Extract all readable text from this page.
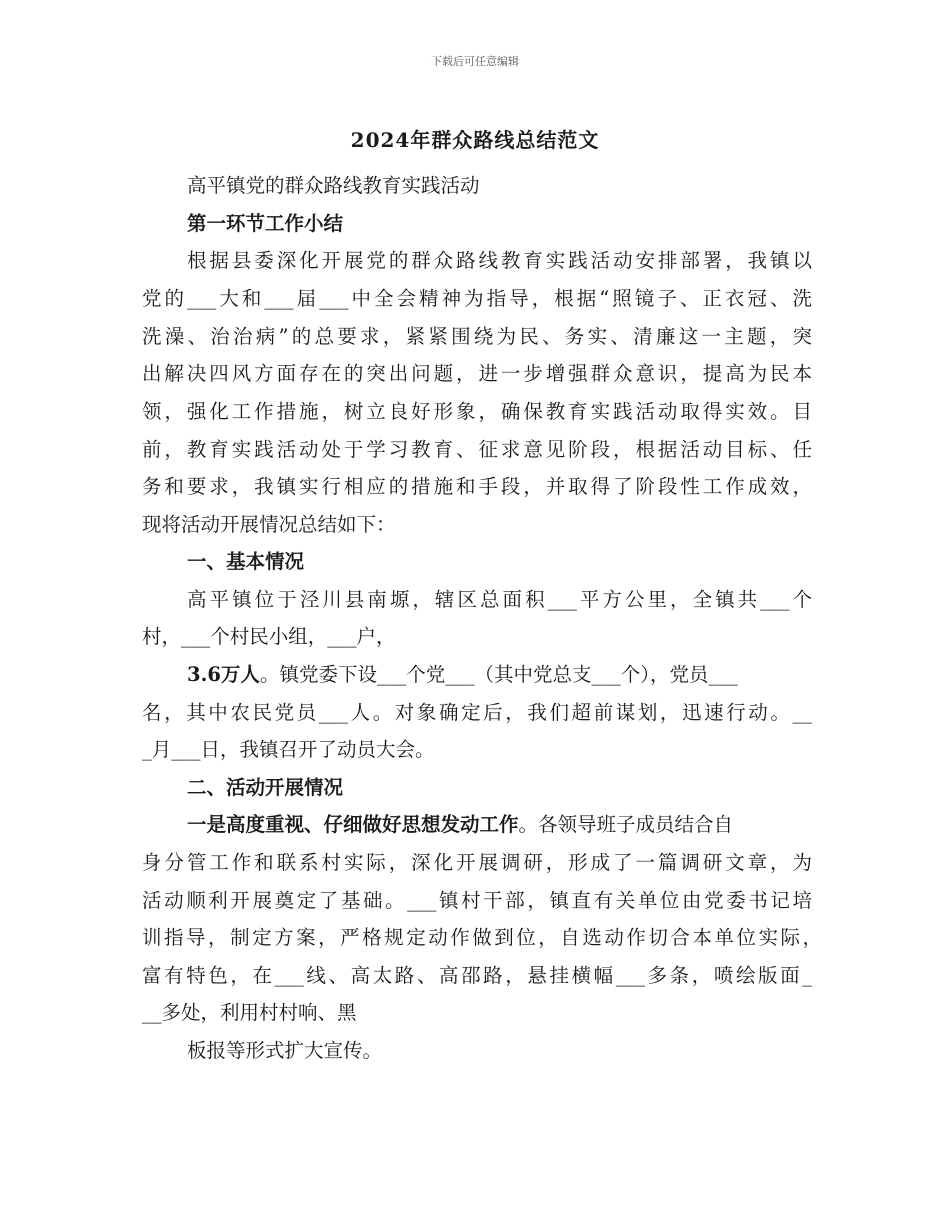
下载后可任意编辑
2024年群众路线总结范文
高平镇党的群众路线教育实践活动
第一环节工作小结
根据县委深化开展党的群众路线教育实践活动安排部署，我镇以
党的___大和___届___中全会精神为指导，根据“照镜子、正衣冠、洗
洗澡、治治病”的总要求，紧紧围绕为民、务实、清廉这一主题，突
出解决四风方面存在的突出问题，进一步增强群众意识，提高为民本
领，强化工作措施，树立良好形象，确保教育实践活动取得实效。目
前，教育实践活动处于学习教育、征求意见阶段，根据活动目标、任
务和要求，我镇实行相应的措施和手段，并取得了阶段性工作成效，
现将活动开展情况总结如下：
一、基本情况
高平镇位于泾川县南塬，辖区总面积___平方公里，全镇共___个
村，___个村民小组，___户，
3.6万人。镇党委下设___个党___（其中党总支___个），党员___
名，其中农民党员___人。对象确定后，我们超前谋划，迅速行动。__
_月___日，我镇召开了动员大会。
二、活动开展情况
一是高度重视、仔细做好思想发动工作。各领导班子成员结合自
身分管工作和联系村实际，深化开展调研，形成了一篇调研文章，为
活动顺利开展奠定了基础。___镇村干部，镇直有关单位由党委书记培
训指导，制定方案，严格规定动作做到位，自选动作切合本单位实际，
富有特色，在___线、高太路、高邵路，悬挂横幅___多条，喷绘版面_
__多处，利用村村响、黑
板报等形式扩大宣传。
